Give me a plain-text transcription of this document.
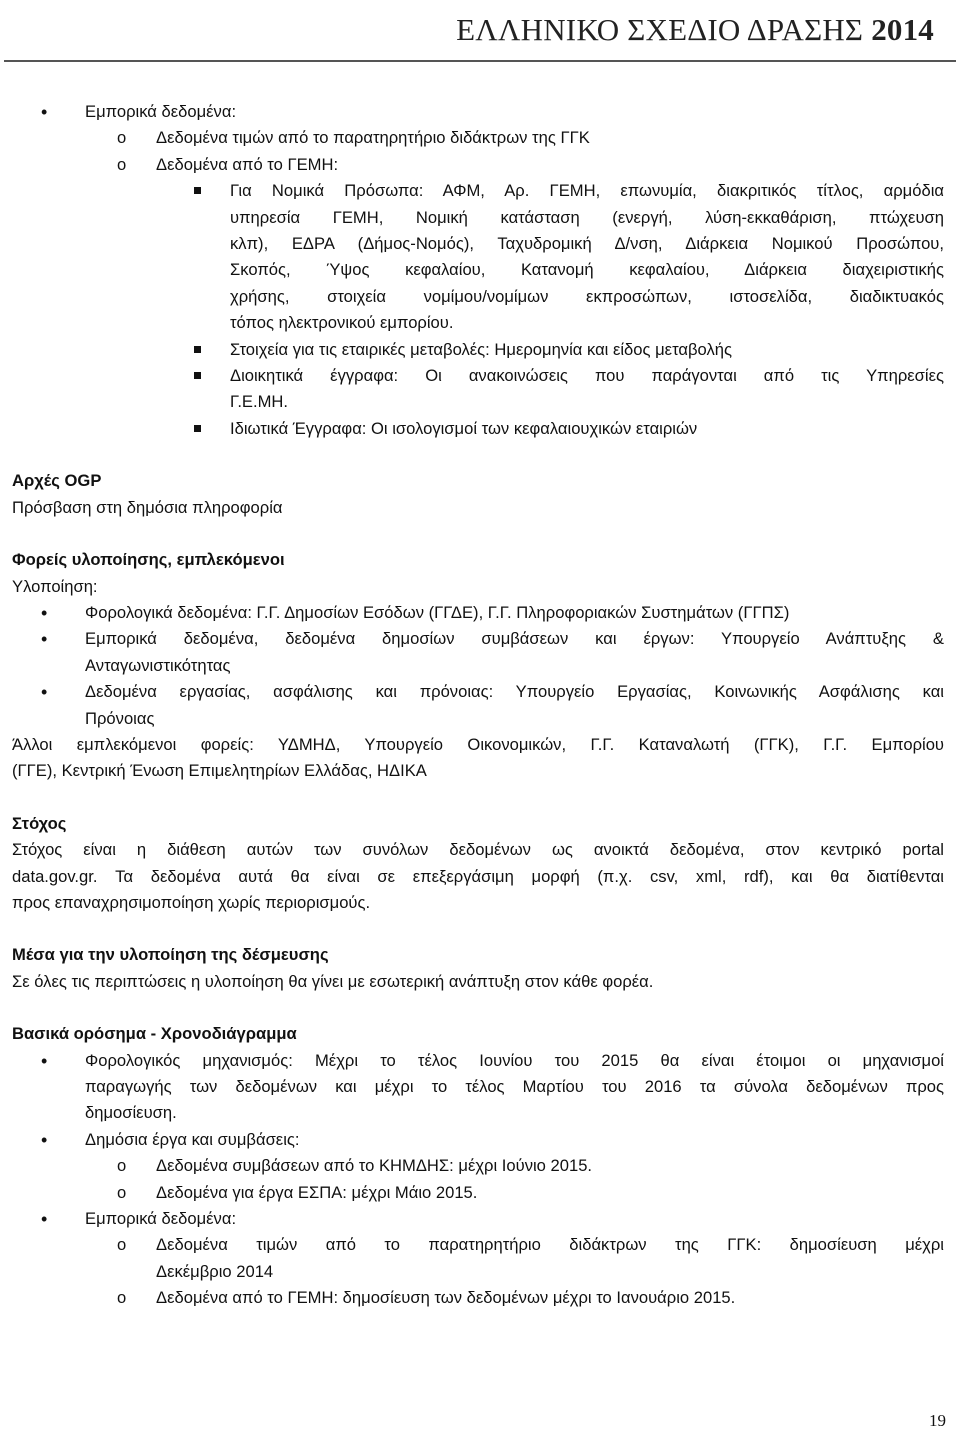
ΕΛΛΗΝΙΚΟ ΣΧΕΔΙΟ ΔΡΑΣΗΣ 2014
• Εμπορικά δεδομένα:
o Δεδομένα τιμών από το παρατηρητήριο διδάκτρων της ΓΓΚ
o Δεδομένα από το ΓΕΜΗ:
Για Νομικά Πρόσωπα: ΑΦΜ, Αρ. ΓΕΜΗ, επωνυμία, διακριτικός τίτλος, αρμόδια
υπηρεσία ΓΕΜΗ, Νομική κατάσταση (ενεργή, λύση-εκκαθάριση, πτώχευση
κλπ), ΕΔΡΑ (Δήμος-Νομός), Ταχυδρομική Δ/νση, Διάρκεια Νομικού Προσώπου,
Σκοπός, Ύψος κεφαλαίου, Κατανομή κεφαλαίου, Διάρκεια διαχειριστικής
χρήσης, στοιχεία νομίμου/νομίμων εκπροσώπων, ιστοσελίδα, διαδικτυακός
τόπος ηλεκτρονικού εμπορίου.
Στοιχεία για τις εταιρικές μεταβολές: Ημερομηνία και είδος μεταβολής
Διοικητικά έγγραφα: Οι ανακοινώσεις που παράγονται από τις Υπηρεσίες
Γ.Ε.ΜΗ.
Ιδιωτικά Έγγραφα: Οι ισολογισμοί των κεφαλαιουχικών εταιριών
Αρχές OGP
Πρόσβαση στη δημόσια πληροφορία
Φορείς υλοποίησης, εμπλεκόμενοι
Υλοποίηση:
• Φορολογικά δεδομένα: Γ.Γ. Δημοσίων Εσόδων (ΓΓΔΕ), Γ.Γ. Πληροφοριακών Συστημάτων (ΓΓΠΣ)
• Εμπορικά δεδομένα, δεδομένα δημοσίων συμβάσεων και έργων: Υπουργείο Ανάπτυξης &
Ανταγωνιστικότητας
• Δεδομένα εργασίας, ασφάλισης και πρόνοιας: Υπουργείο Εργασίας, Κοινωνικής Ασφάλισης και
Πρόνοιας
Άλλοι εμπλεκόμενοι φορείς: ΥΔΜΗΔ, Υπουργείο Οικονομικών, Γ.Γ. Καταναλωτή (ΓΓΚ), Γ.Γ. Εμπορίου
(ΓΓΕ), Κεντρική Ένωση Επιμελητηρίων Ελλάδας, ΗΔΙΚΑ
Στόχος
Στόχος είναι η διάθεση αυτών των συνόλων δεδομένων ως ανοικτά δεδομένα, στον κεντρικό portal
data.gov.gr. Τα δεδομένα αυτά θα είναι σε επεξεργάσιμη μορφή (π.χ. csv, xml, rdf), και θα διατίθενται
προς επαναχρησιμοποίηση χωρίς περιορισμούς.
Μέσα για την υλοποίηση της δέσμευσης
Σε όλες τις περιπτώσεις η υλοποίηση θα γίνει με εσωτερική ανάπτυξη στον κάθε φορέα.
Βασικά ορόσημα - Χρονοδιάγραμμα
• Φορολογικός μηχανισμός: Μέχρι το τέλος Ιουνίου του 2015 θα είναι έτοιμοι οι μηχανισμοί
παραγωγής των δεδομένων και μέχρι το τέλος Μαρτίου του 2016 τα σύνολα δεδομένων προς
δημοσίευση.
• Δημόσια έργα και συμβάσεις:
o Δεδομένα συμβάσεων από το ΚΗΜΔΗΣ: μέχρι Ιούνιο 2015.
o Δεδομένα για έργα ΕΣΠΑ: μέχρι Μάιο 2015.
• Εμπορικά δεδομένα:
o Δεδομένα τιμών από το παρατηρητήριο διδάκτρων της ΓΓΚ: δημοσίευση μέχρι
Δεκέμβριο 2014
o Δεδομένα από το ΓΕΜΗ: δημοσίευση των δεδομένων μέχρι το Ιανουάριο 2015.
19
